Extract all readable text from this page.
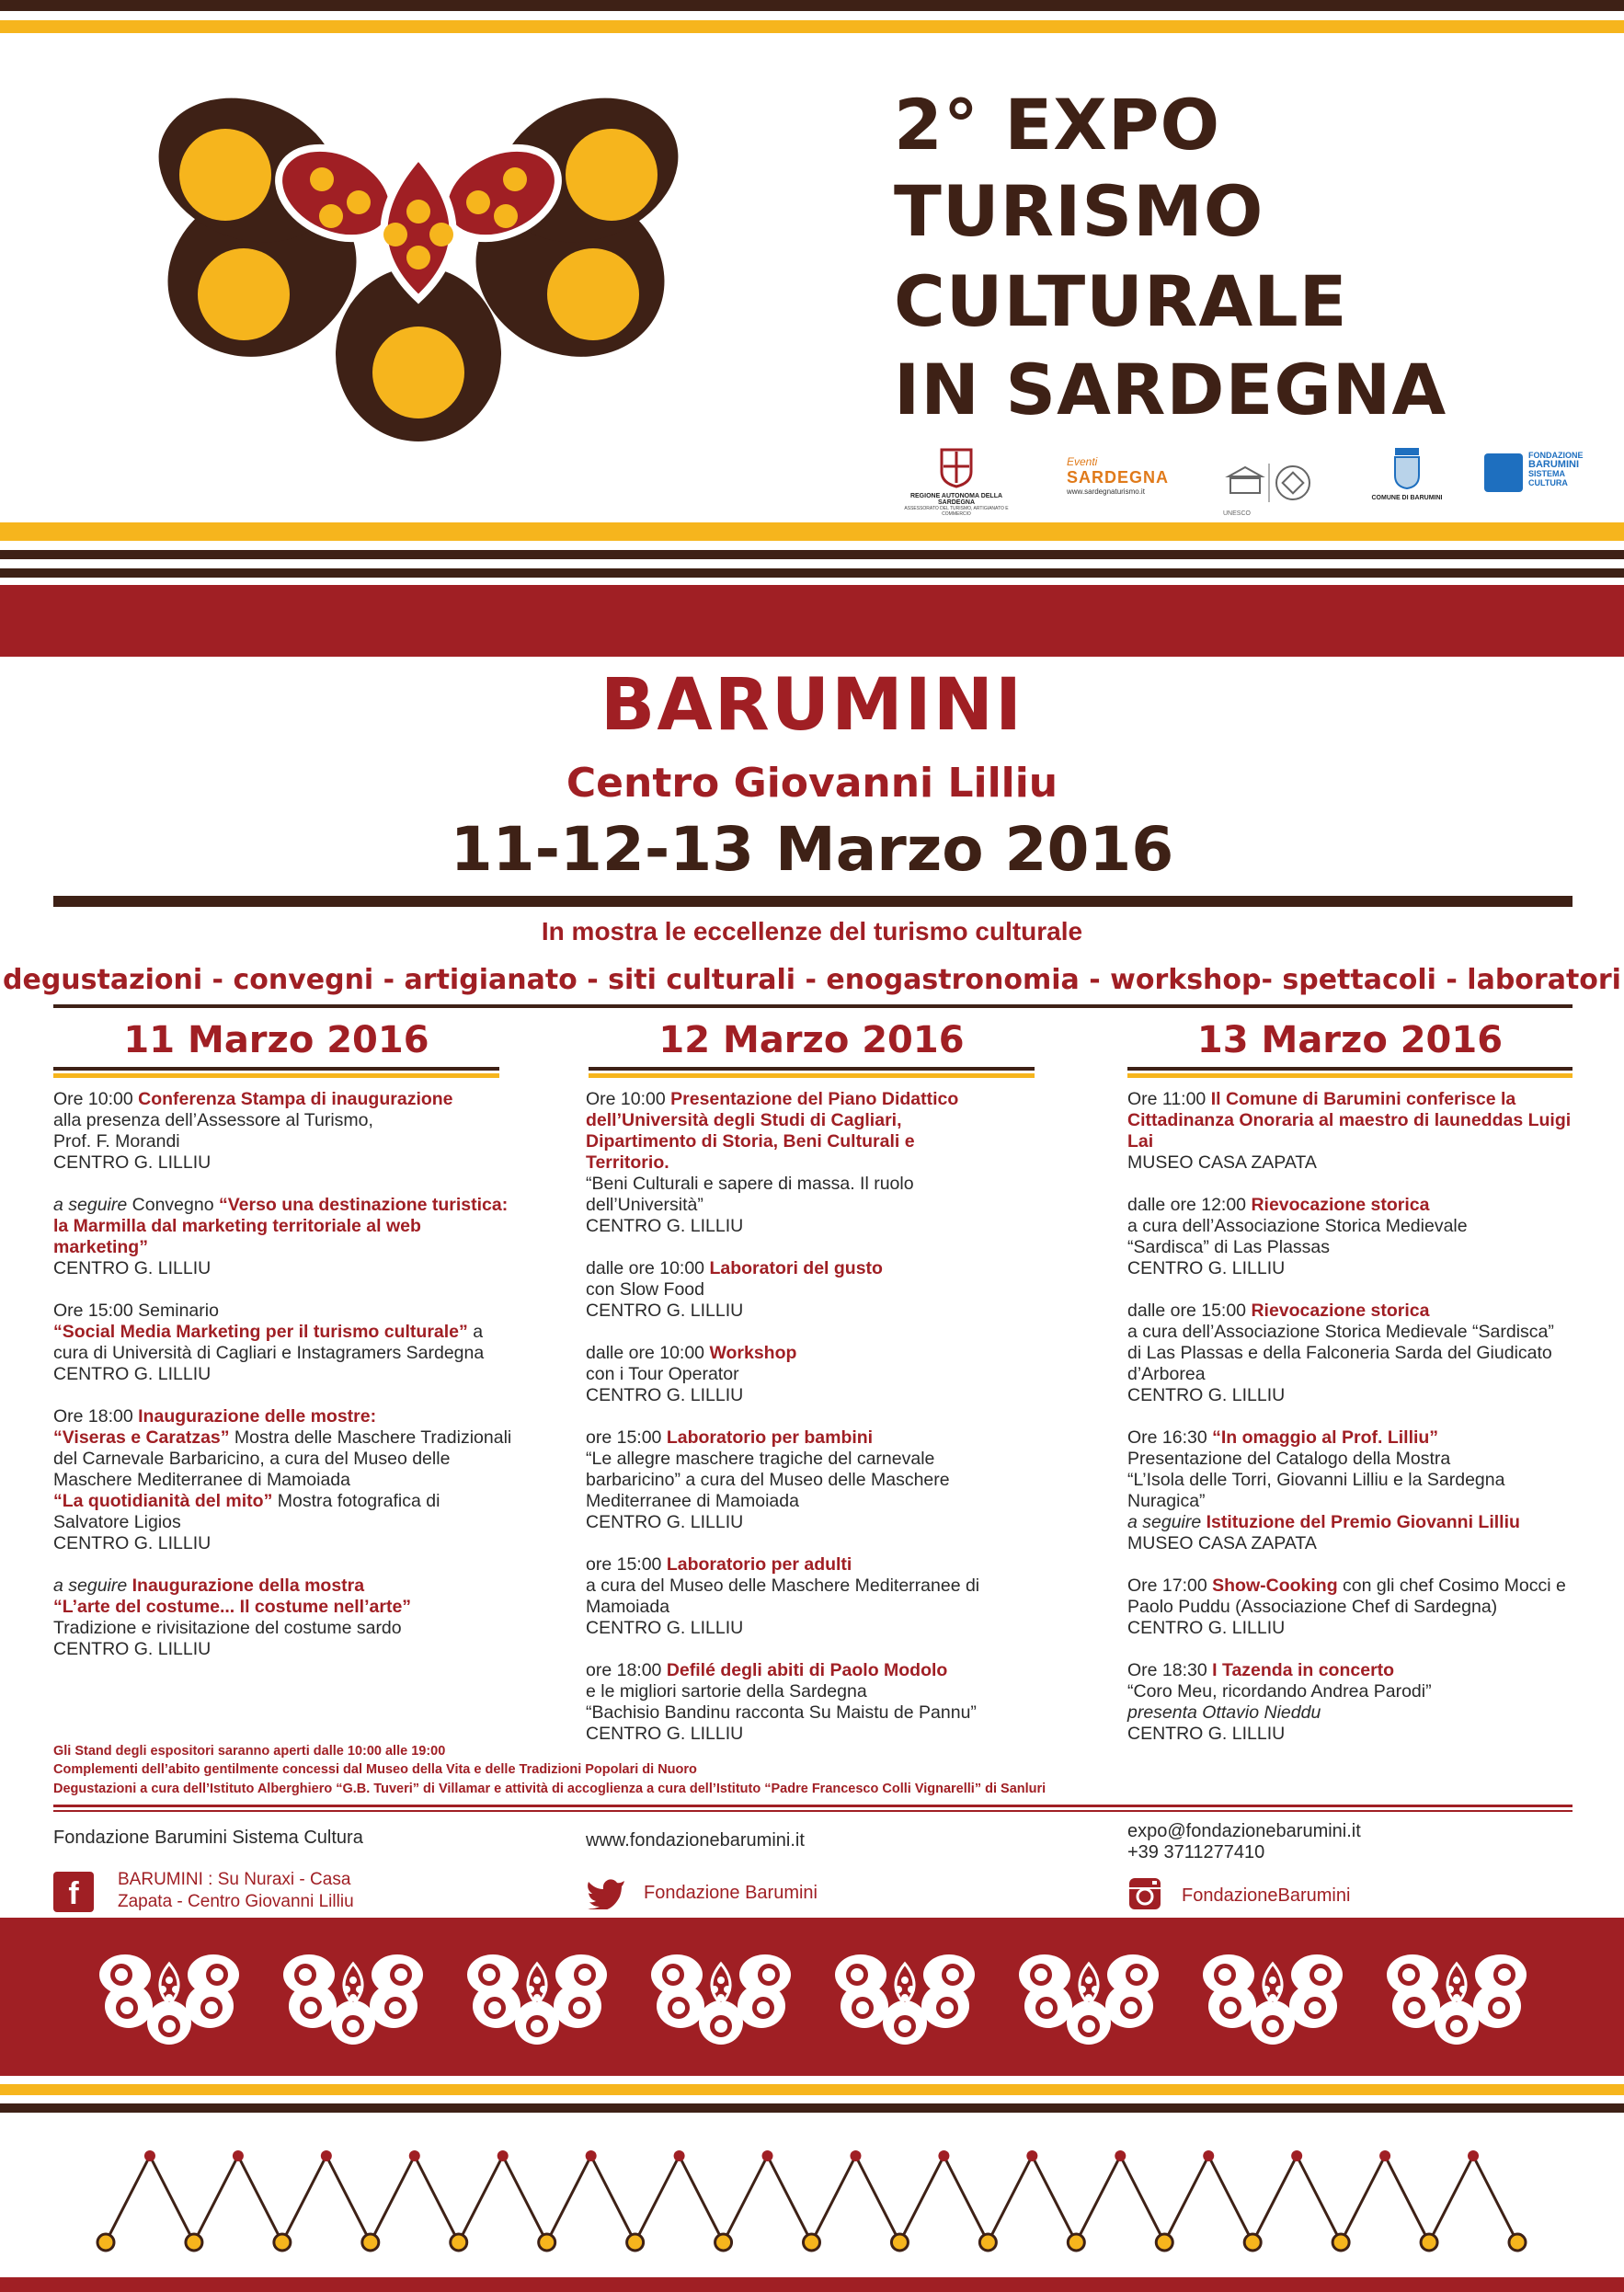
2° EXPO
TURISMO
CULTURALE
IN SARDEGNA
REGIONE AUTONOMA DELLA SARDEGNA
ASSESSORATO DEL TURISMO, ARTIGIANATO E COMMERCIO
Eventi
SARDEGNA
www.sardegnaturismo.it
UNESCO
COMUNE DI BARUMINI
FONDAZIONE
BARUMINI
SISTEMA
CULTURA
BARUMINI
Centro Giovanni Lilliu
11-12-13 Marzo 2016
In mostra le eccellenze del turismo culturale
degustazioni - convegni - artigianato - siti culturali - enogastronomia - workshop- spettacoli - laboratori
11 Marzo 2016	12 Marzo 2016	13 Marzo 2016
Ore 10:00 Conferenza Stampa di inaugurazione
alla presenza dell’Assessore al Turismo,
Prof. F. Morandi
CENTRO G. LILLIU
a seguire Convegno “Verso una destinazione turistica: la Marmilla dal marketing territoriale al web marketing”
CENTRO G. LILLIU
Ore 15:00 Seminario
“Social Media Marketing per il turismo culturale” a cura di Università di Cagliari e Instagramers Sardegna
CENTRO G. LILLIU
Ore 18:00 Inaugurazione delle mostre:
“Viseras e Caratzas” Mostra delle Maschere Tradizionali del Carnevale Barbaricino, a cura del Museo delle Maschere Mediterranee di Mamoiada
“La quotidianità del mito” Mostra fotografica di Salvatore Ligios
CENTRO G. LILLIU
a seguire Inaugurazione della mostra
“L’arte del costume... Il costume nell’arte”
Tradizione e rivisitazione del costume sardo
CENTRO G. LILLIU
Ore 10:00 Presentazione del Piano Didattico dell’Università degli Studi di Cagliari, Dipartimento di Storia, Beni Culturali e Territorio.
“Beni Culturali e sapere di massa. Il ruolo dell’Università”
CENTRO G. LILLIU
dalle ore 10:00 Laboratori del gusto
con Slow Food
CENTRO G. LILLIU
dalle ore 10:00 Workshop
con i Tour Operator
CENTRO G. LILLIU
ore 15:00 Laboratorio per bambini
“Le allegre maschere tragiche del carnevale barbaricino” a cura del Museo delle Maschere Mediterranee di Mamoiada
CENTRO G. LILLIU
ore 15:00 Laboratorio per adulti
a cura del Museo delle Maschere Mediterranee di Mamoiada
CENTRO G. LILLIU
ore 18:00 Defilé degli abiti di Paolo Modolo
e le migliori sartorie della Sardegna
“Bachisio Bandinu racconta Su Maistu de Pannu”
CENTRO G. LILLIU
Ore 11:00 Il Comune di Barumini conferisce la Cittadinanza Onoraria al maestro di launeddas Luigi Lai
MUSEO CASA ZAPATA
dalle ore 12:00 Rievocazione storica
a cura dell’Associazione Storica Medievale
“Sardisca” di Las Plassas
CENTRO G. LILLIU
dalle ore 15:00 Rievocazione storica
a cura dell’Associazione Storica Medievale “Sardisca” di Las Plassas e della Falconeria Sarda del Giudicato d’Arborea
CENTRO G. LILLIU
Ore 16:30 “In omaggio al Prof. Lilliu”
Presentazione del Catalogo della Mostra
“L’Isola delle Torri, Giovanni Lilliu e la Sardegna Nuragica”
a seguire Istituzione del Premio Giovanni Lilliu
MUSEO CASA ZAPATA
Ore 17:00 Show-Cooking con gli chef Cosimo Mocci e Paolo Puddu (Associazione Chef di Sardegna)
CENTRO G. LILLIU
Ore 18:30 I Tazenda in concerto
“Coro Meu, ricordando Andrea Parodi”
presenta Ottavio Nieddu
CENTRO G. LILLIU
Gli Stand degli espositori saranno aperti dalle 10:00 alle 19:00
Complementi dell’abito gentilmente concessi dal Museo della Vita e delle Tradizioni Popolari di Nuoro
Degustazioni a cura dell’Istituto Alberghiero “G.B. Tuveri” di Villamar e attività di accoglienza a cura dell’Istituto “Padre Francesco Colli Vignarelli” di Sanluri
Fondazione Barumini Sistema Cultura
f	BARUMINI : Su Nuraxi - Casa Zapata - Centro Giovanni Lilliu
www.fondazionebarumini.it
Fondazione Barumini
expo@fondazionebarumini.it
+39 3711277410
FondazioneBarumini
